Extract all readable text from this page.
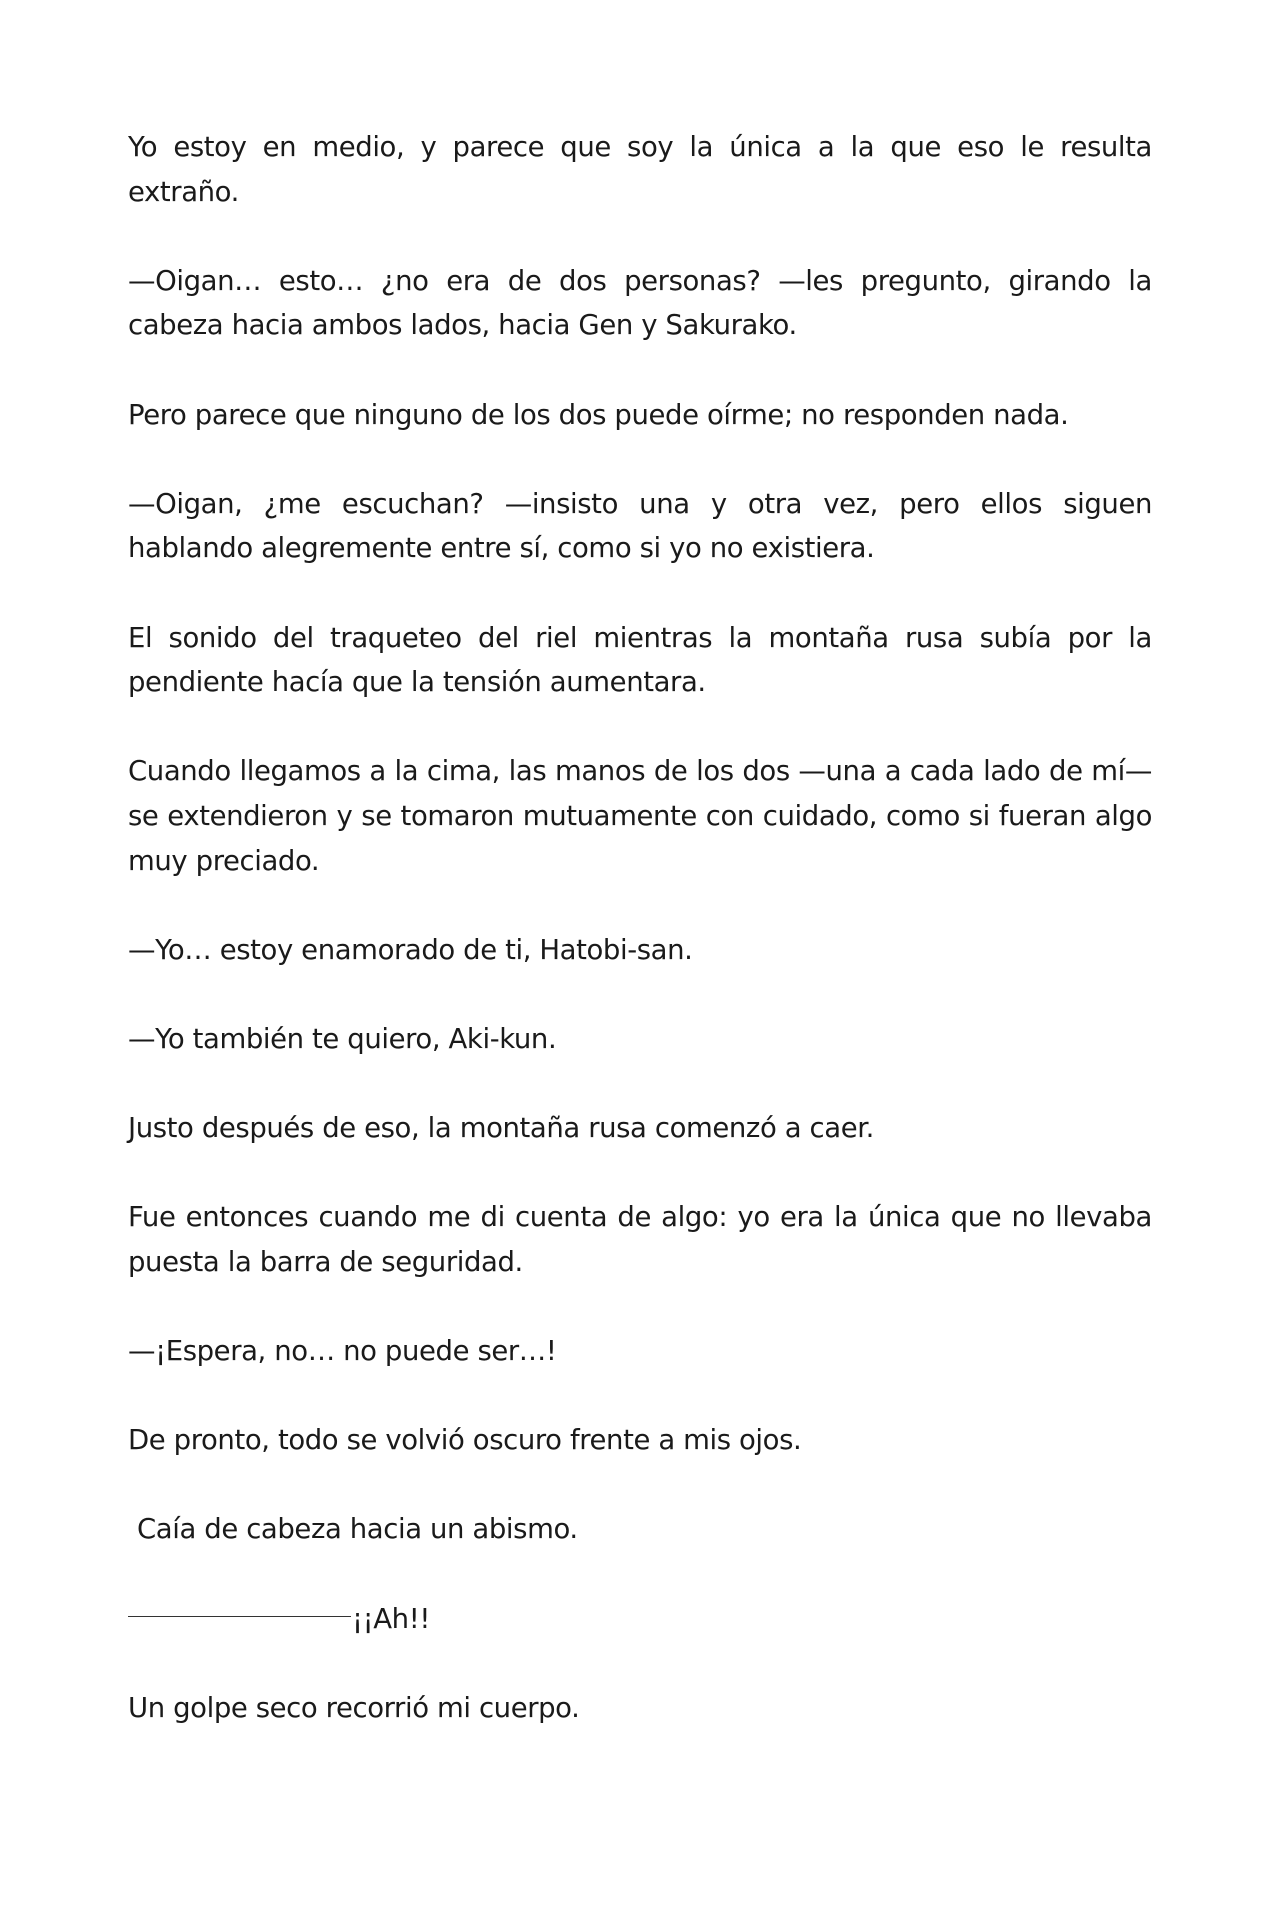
Yo estoy en medio, y parece que soy la única a la que eso le resulta extraño.

—Oigan… esto… ¿no era de dos personas? —les pregunto, girando la cabeza hacia ambos lados, hacia Gen y Sakurako.

Pero parece que ninguno de los dos puede oírme; no responden nada.

—Oigan, ¿me escuchan? —insisto una y otra vez, pero ellos siguen hablando alegremente entre sí, como si yo no existiera.

El sonido del traqueteo del riel mientras la montaña rusa subía por la pendiente hacía que la tensión aumentara.

Cuando llegamos a la cima, las manos de los dos —una a cada lado de mí— se extendieron y se tomaron mutuamente con cuidado, como si fueran algo muy preciado.

—Yo… estoy enamorado de ti, Hatobi-san.

—Yo también te quiero, Aki-kun.

Justo después de eso, la montaña rusa comenzó a caer.

Fue entonces cuando me di cuenta de algo: yo era la única que no llevaba puesta la barra de seguridad.

—¡Espera, no… no puede ser…!

De pronto, todo se volvió oscuro frente a mis ojos.

Caía de cabeza hacia un abismo.

¡¡Ah!!

Un golpe seco recorrió mi cuerpo.
